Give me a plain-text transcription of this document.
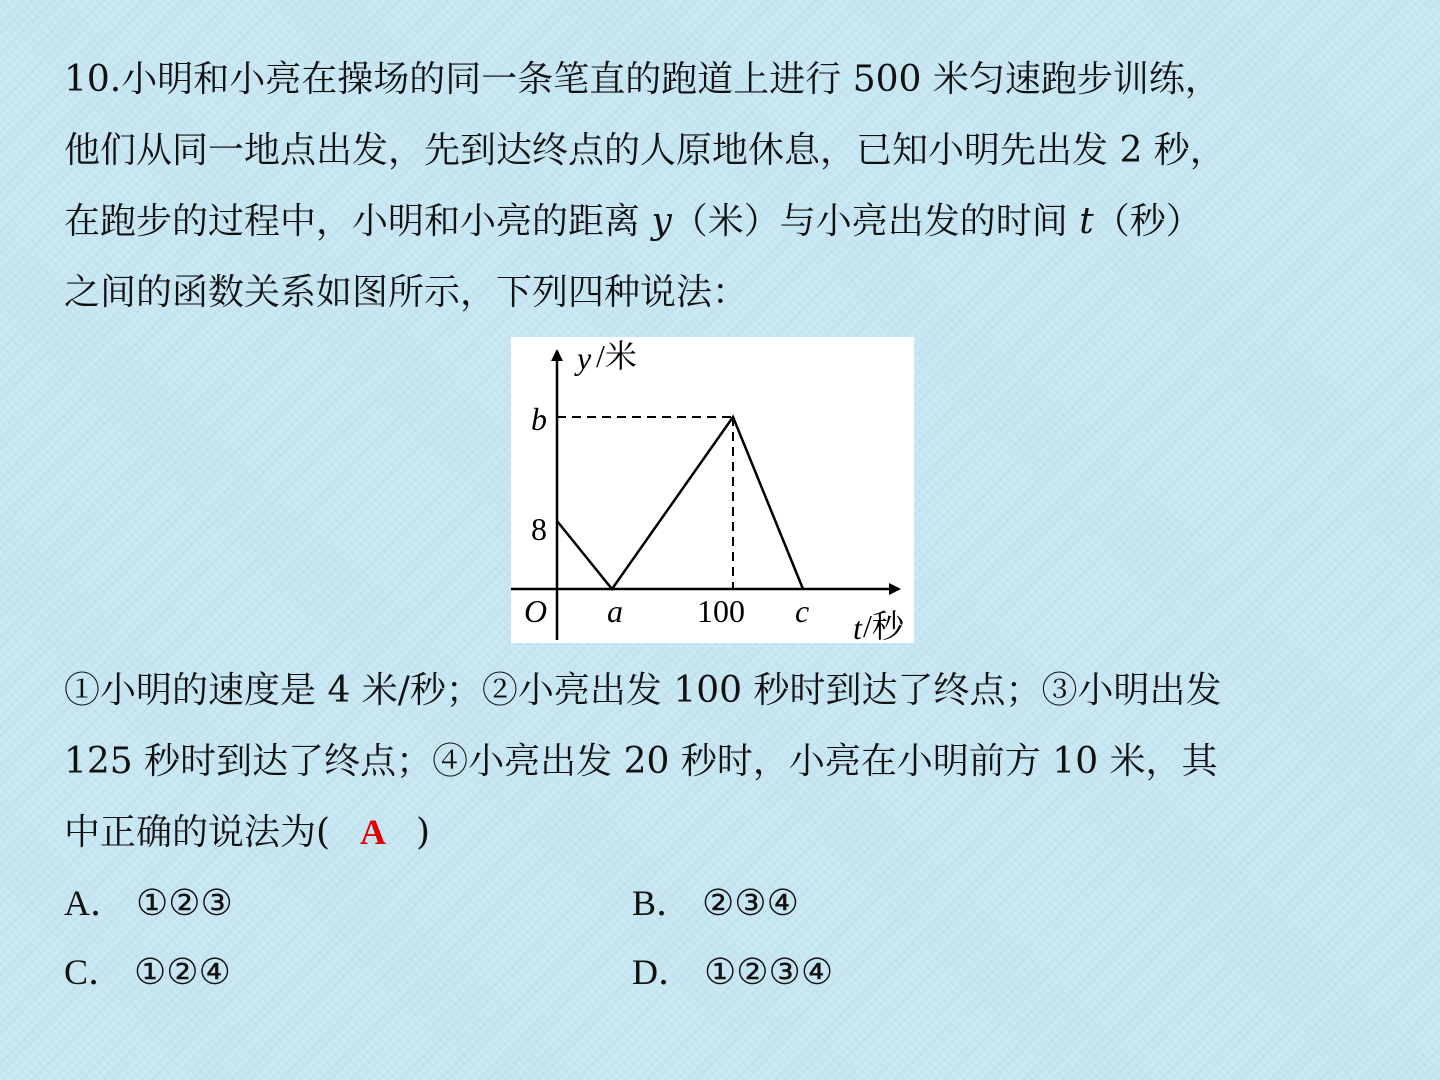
10.小明和小亮在操场的同一条笔直的跑道上进行 500 米匀速跑步训练，
他们从同一地点出发，先到达终点的人原地休息，已知小明先出发 2 秒，
在跑步的过程中，小明和小亮的距离 y（米）与小亮出发的时间 t（秒）
之间的函数关系如图所示，下列四种说法：
y /米
b
8
O a 100 c t /秒
①小明的速度是 4 米/秒；②小亮出发 100 秒时到达了终点；③小明出发
125 秒时到达了终点；④小亮出发 20 秒时，小亮在小明前方 10 米，其
中正确的说法为( A )
A． ①②③	B． ②③④
C． ①②④	D． ①②③④
